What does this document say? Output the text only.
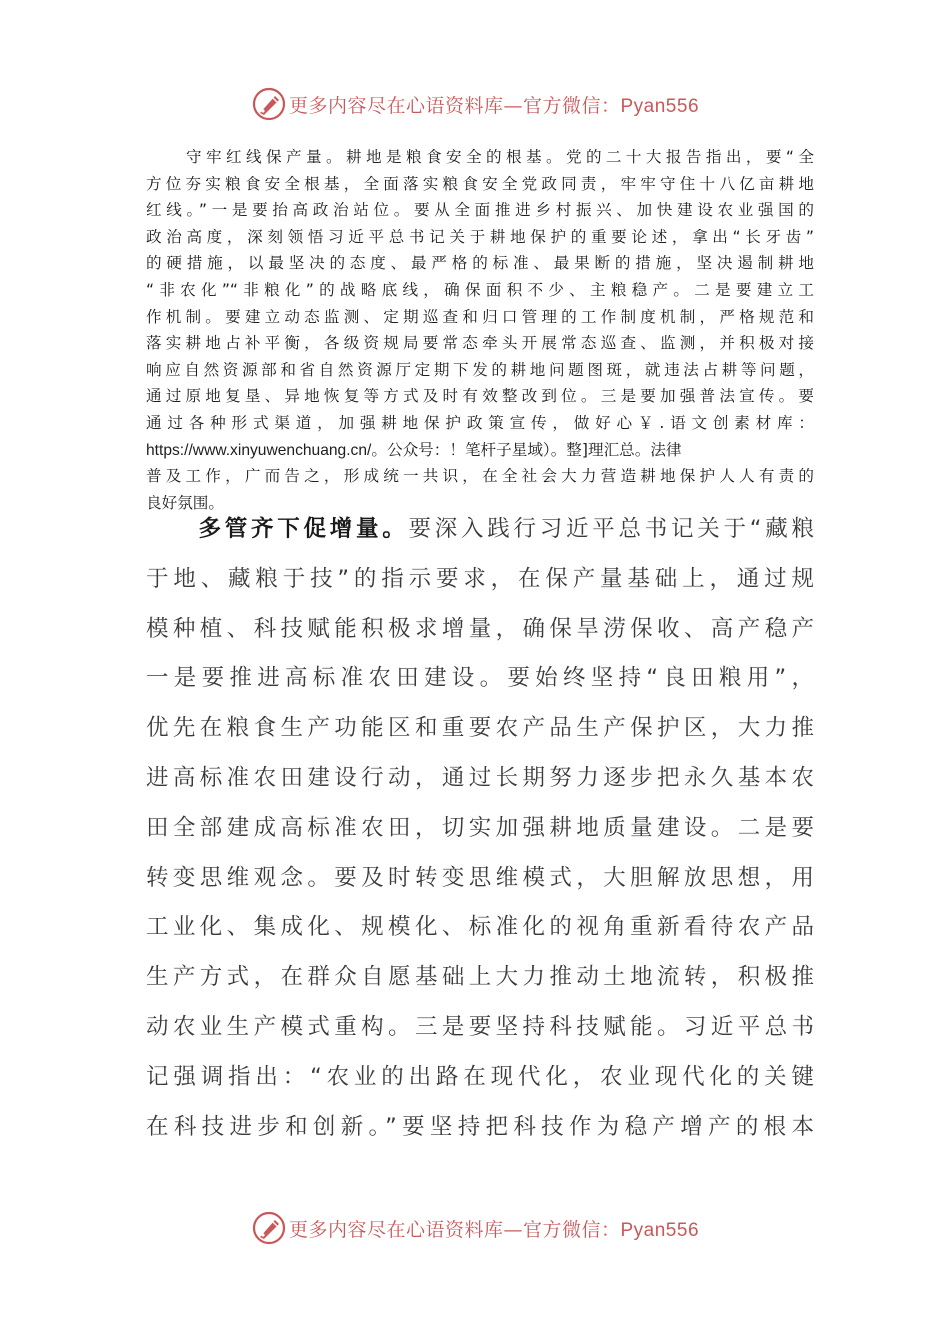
更多内容尽在心语资料库—官方微信：Pyan556
　　守牢红线保产量。耕地是粮食安全的根基。党的二十大报告指出，要“全
方位夯实粮食安全根基，全面落实粮食安全党政同责，牢牢守住十八亿亩耕地
红线。”一是要抬高政治站位。要从全面推进乡村振兴、加快建设农业强国的
政治高度，深刻领悟习近平总书记关于耕地保护的重要论述，拿出“长牙齿”
的硬措施，以最坚决的态度、最严格的标准、最果断的措施，坚决遏制耕地
“非农化”“非粮化”的战略底线，确保面积不少、主粮稳产。二是要建立工
作机制。要建立动态监测、定期巡查和归口管理的工作制度机制，严格规范和
落实耕地占补平衡，各级资规局要常态牵头开展常态巡查、监测，并积极对接
响应自然资源部和省自然资源厅定期下发的耕地问题图斑，就违法占耕等问题，
通过原地复垦、异地恢复等方式及时有效整改到位。三是要加强普法宣传。要
通过各种形式渠道，加强耕地保护政策宣传，做好心￥.语文创素材库：
https://www.xinyuwenchuang.cn/。公众号：！笔杆子星域）。整]理汇总。法律
普及工作，广而告之，形成统一共识，在全社会大力营造耕地保护人人有责的
良好氛围。
　　多管齐下促增量。要深入践行习近平总书记关于“藏粮
于地、藏粮于技”的指示要求，在保产量基础上，通过规
模种植、科技赋能积极求增量，确保旱涝保收、高产稳产
一是要推进高标准农田建设。要始终坚持“良田粮用”，
优先在粮食生产功能区和重要农产品生产保护区，大力推
进高标准农田建设行动，通过长期努力逐步把永久基本农
田全部建成高标准农田，切实加强耕地质量建设。二是要
转变思维观念。要及时转变思维模式，大胆解放思想，用
工业化、集成化、规模化、标准化的视角重新看待农产品
生产方式，在群众自愿基础上大力推动土地流转，积极推
动农业生产模式重构。三是要坚持科技赋能。习近平总书
记强调指出：“农业的出路在现代化，农业现代化的关键
在科技进步和创新。”要坚持把科技作为稳产增产的根本
更多内容尽在心语资料库—官方微信：Pyan556
